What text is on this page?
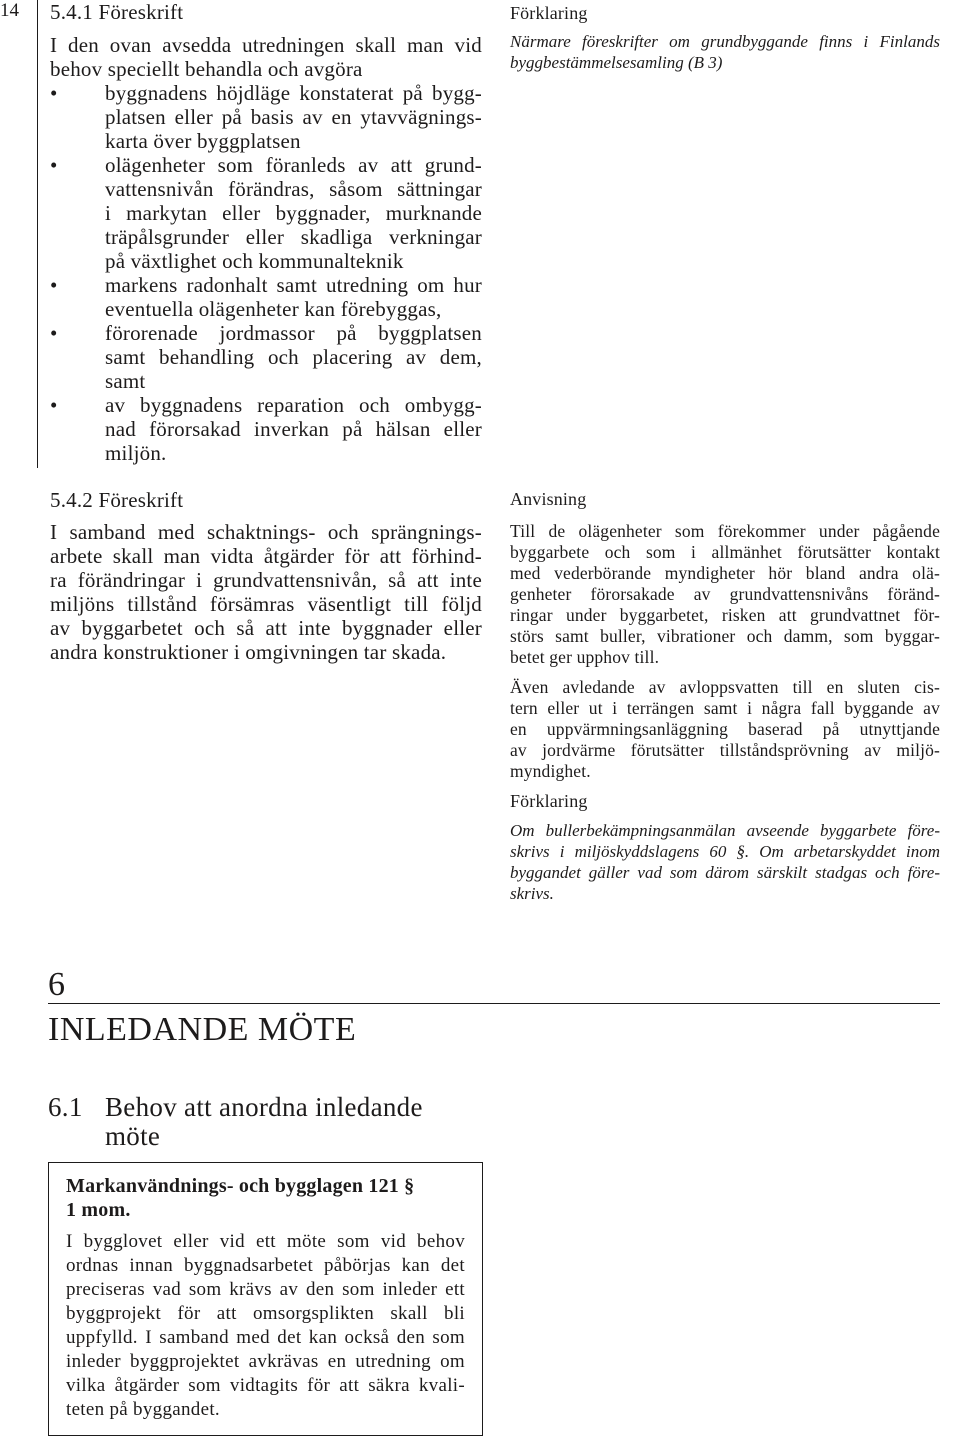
14 5.4.1 Föreskrift
I den ovan avsedda utredningen skall man vid
behov speciellt behandla och avgöra
• byggnadens höjdläge konstaterat på bygg-
platsen eller på basis av en ytavvägnings-
karta över byggplatsen
• olägenheter som föranleds av att grund-
vattensnivån förändras, såsom sättningar
i markytan eller byggnader, murknande
träpålsgrunder eller skadliga verkningar
på växtlighet och kommunalteknik
• markens radonhalt samt utredning om hur
eventuella olägenheter kan förebyggas,
• förorenade jordmassor på byggplatsen
samt behandling och placering av dem,
samt
• av byggnadens reparation och ombygg-
nad förorsakad inverkan på hälsan eller
miljön.
5.4.2 Föreskrift
I samband med schaktnings- och sprängnings-
arbete skall man vidta åtgärder för att förhind-
ra förändringar i grundvattensnivån, så att inte
miljöns tillstånd försämras väsentligt till följd
av byggarbetet och så att inte byggnader eller
andra konstruktioner i omgivningen tar skada.
Förklaring
Närmare föreskrifter om grundbyggande finns i Finlands
byggbestämmelsesamling (B 3)
Anvisning
Till de olägenheter som förekommer under pågående
byggarbete och som i allmänhet förutsätter kontakt
med vederbörande myndigheter hör bland andra olä-
genheter förorsakade av grundvattensnivåns föränd-
ringar under byggarbetet, risken att grundvattnet för-
störs samt buller, vibrationer och damm, som byggar-
betet ger upphov till.
Även avledande av avloppsvatten till en sluten cis-
tern eller ut i terrängen samt i några fall byggande av
en uppvärmningsanläggning baserad på utnyttjande
av jordvärme förutsätter tillståndsprövning av miljö-
myndighet.
Förklaring
Om bullerbekämpningsanmälan avseende byggarbete före-
skrivs i miljöskyddslagens 60 §. Om arbetarskyddet inom
byggandet gäller vad som därom särskilt stadgas och före-
skrivs.
6
INLEDANDE MÖTE
6.1 Behov att anordna inledande
möte
Markanvändnings- och bygglagen 121 §
1 mom.
I bygglovet eller vid ett möte som vid behov
ordnas innan byggnadsarbetet påbörjas kan det
preciseras vad som krävs av den som inleder ett
byggprojekt för att omsorgsplikten skall bli
uppfylld. I samband med det kan också den som
inleder byggprojektet avkrävas en utredning om
vilka åtgärder som vidtagits för att säkra kvali-
teten på byggandet.
